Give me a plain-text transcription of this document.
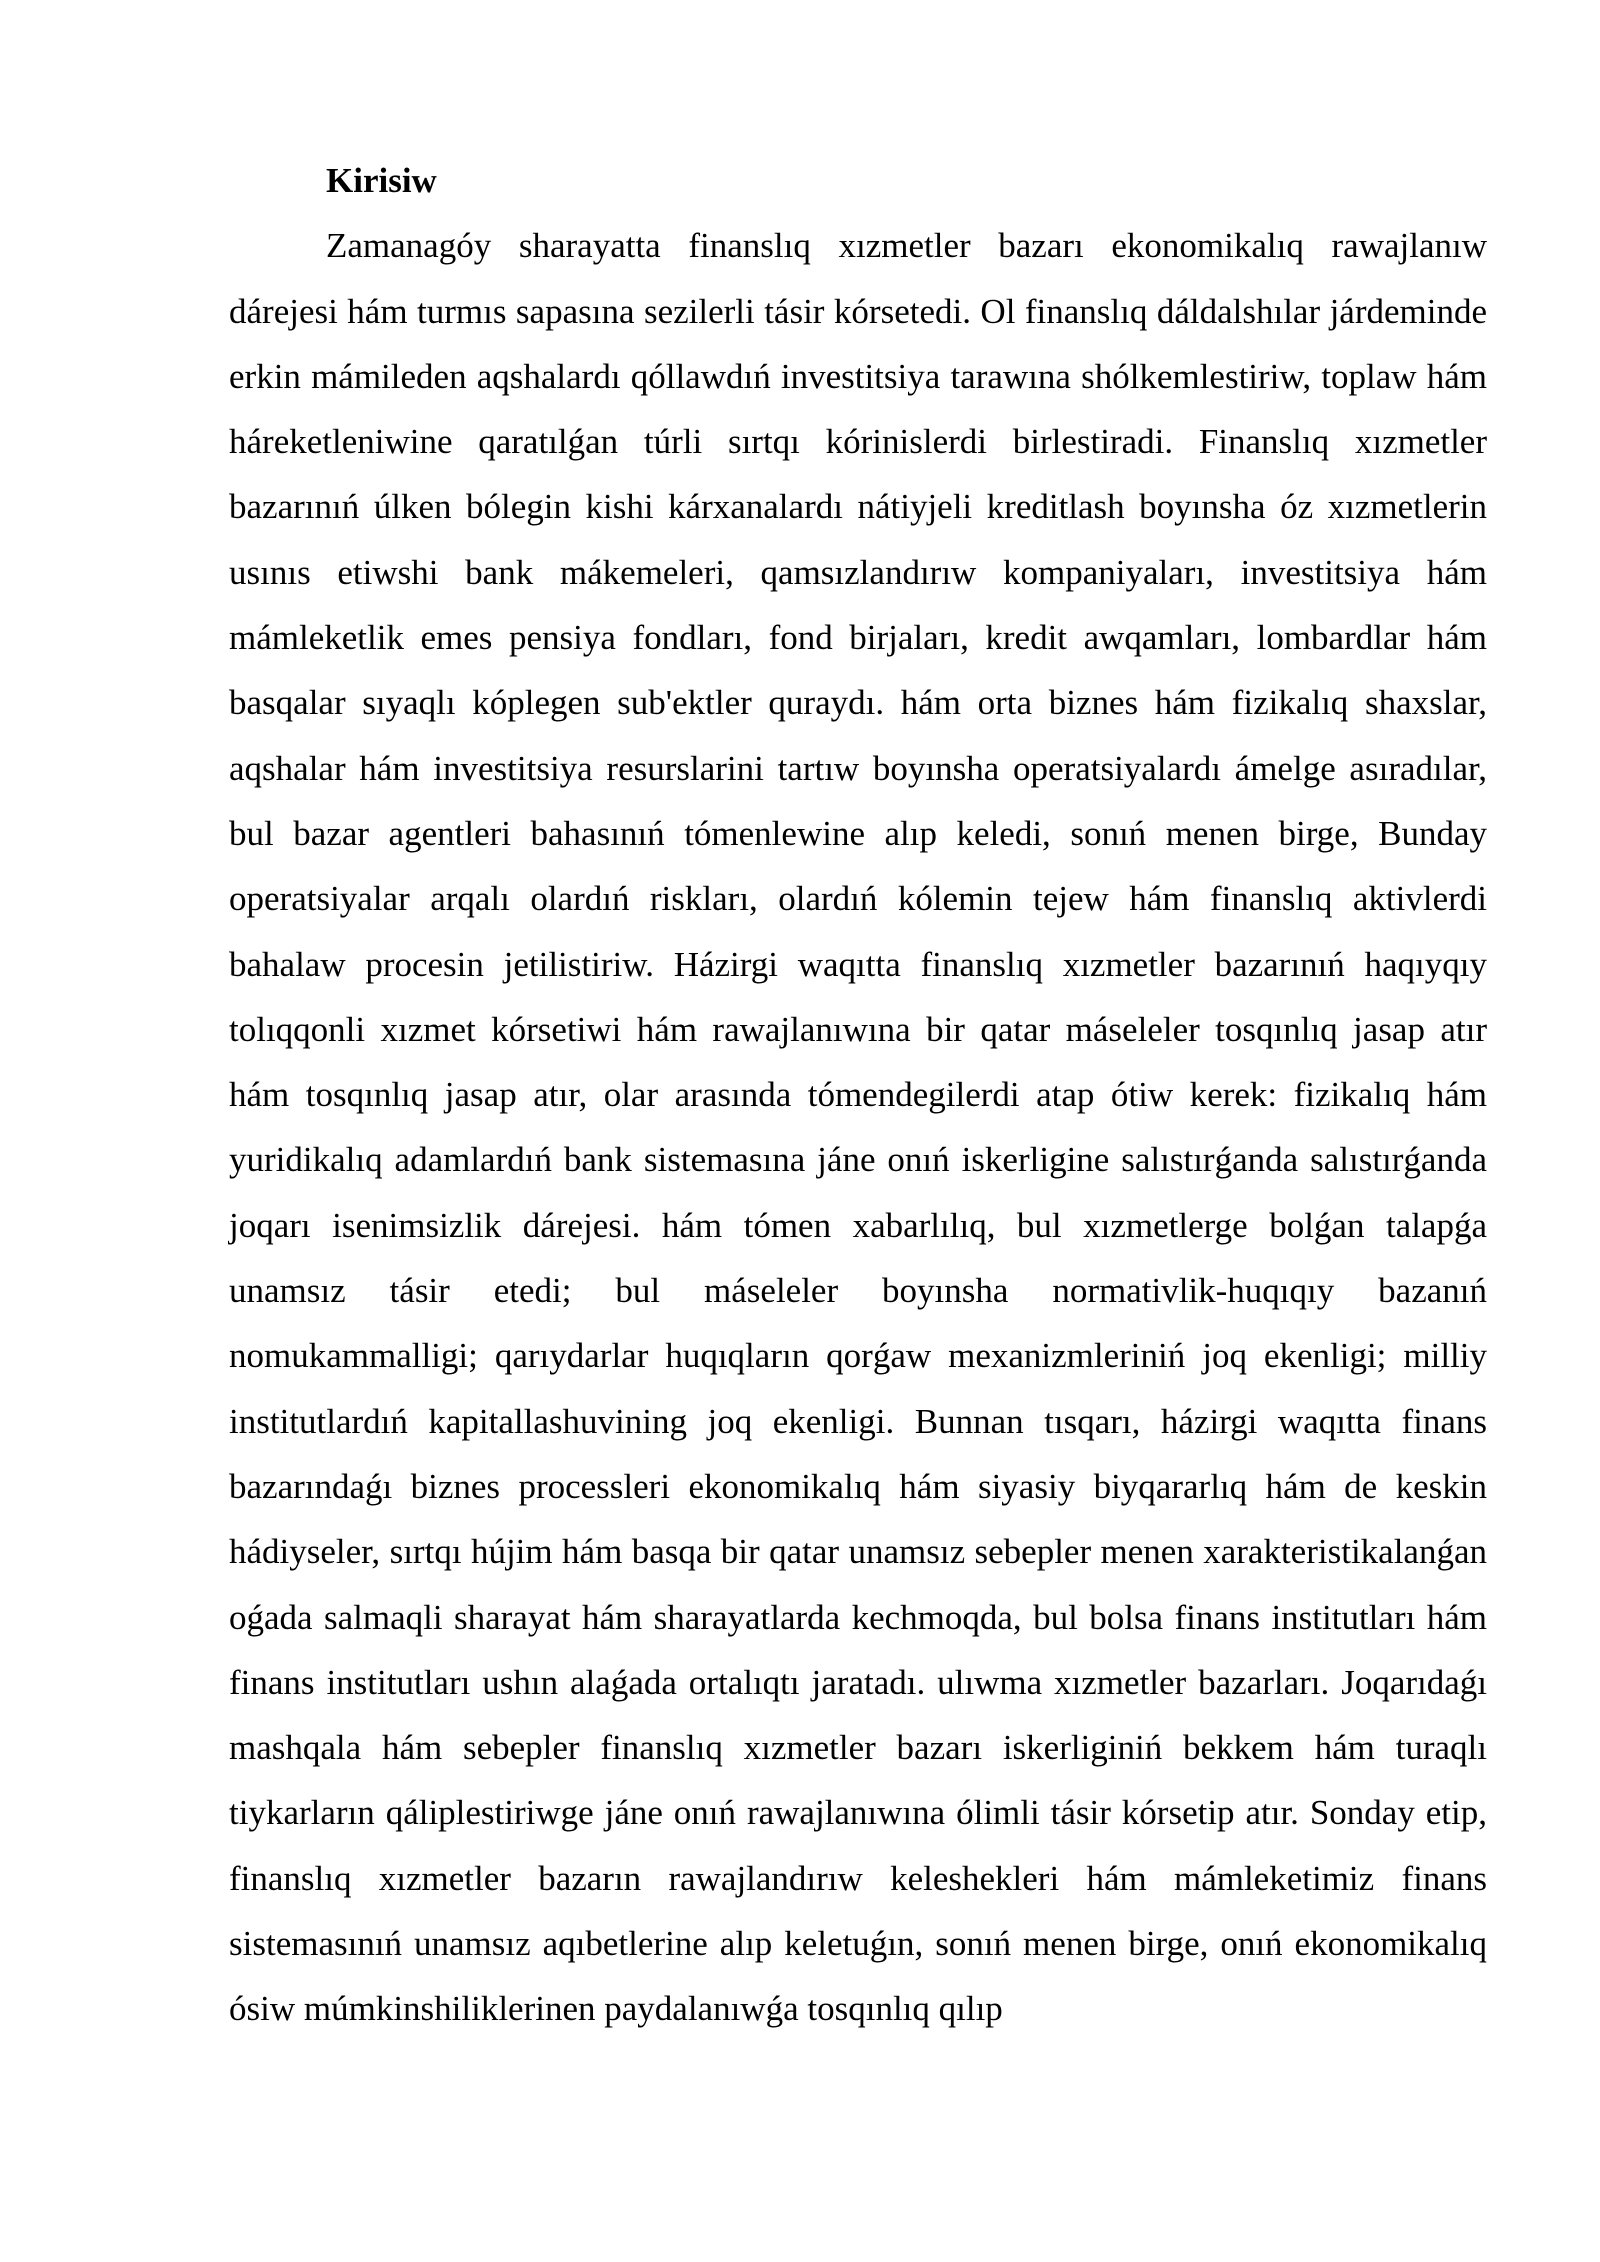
Kirisiw

Zamanagóy sharayatta finanslıq xızmetler bazarı ekonomikalıq rawajlanıw dárejesi hám turmıs sapasına sezilerli tásir kórsetedi. Ol finanslıq dáldalshılar járdeminde erkin mámileden aqshalardı qóllawdıń investitsiya tarawına shólkemlestiriw, toplaw hám háreketleniwine qaratılǵan túrli sırtqı kórinislerdi birlestiradi. Finanslıq xızmetler bazarınıń úlken bólegin kishi kárxanalardı nátiyjeli kreditlash boyınsha óz xızmetlerin usınıs etiwshi bank mákemeleri, qamsızlandırıw kompaniyaları, investitsiya hám mámleketlik emes pensiya fondları, fond birjaları, kredit awqamları, lombardlar hám basqalar sıyaqlı kóplegen sub'ektler quraydı. hám orta biznes hám fizikalıq shaxslar, aqshalar hám investitsiya resurslarini tartıw boyınsha operatsiyalardı ámelge asıradılar, bul bazar agentleri bahasınıń tómenlewine alıp keledi, sonıń menen birge, Bunday operatsiyalar arqalı olardıń riskları, olardıń kólemin tejew hám finanslıq aktivlerdi bahalaw procesin jetilistiriw. Házirgi waqıtta finanslıq xızmetler bazarınıń haqıyqıy tolıqqonli xızmet kórsetiwi hám rawajlanıwına bir qatar máseleler tosqınlıq jasap atır hám tosqınlıq jasap atır, olar arasında tómendegilerdi atap ótiw kerek: fizikalıq hám yuridikalıq adamlardıń bank sistemasına jáne onıń iskerligine salıstırǵanda salıstırǵanda joqarı isenimsizlik dárejesi. hám tómen xabarlılıq, bul xızmetlerge bolǵan talapǵa unamsız tásir etedi; bul máseleler boyınsha normativlik-huqıqıy bazanıń nomukammalligi; qarıydarlar huqıqların qorǵaw mexanizmleriniń joq ekenligi; milliy institutlardıń kapitallashuvining joq ekenligi. Bunnan tısqarı, házirgi waqıtta finans bazarındaǵı biznes processleri ekonomikalıq hám siyasiy biyqararlıq hám de keskin hádiyseler, sırtqı hújim hám basqa bir qatar unamsız sebepler menen xarakteristikalanǵan oǵada salmaqli sharayat hám sharayatlarda kechmoqda, bul bolsa finans institutları hám finans institutları ushın alaǵada ortalıqtı jaratadı. ulıwma xızmetler bazarları. Joqarıdaǵı mashqala hám sebepler finanslıq xızmetler bazarı iskerliginiń bekkem hám turaqlı tiykarların qáliplestiriwge jáne onıń rawajlanıwına ólimli tásir kórsetip atır. Sonday etip, finanslıq xızmetler bazarın rawajlandırıw keleshekleri hám mámleketimiz finans sistemasınıń unamsız aqıbetlerine alıp keletuǵın, sonıń menen birge, onıń ekonomikalıq ósiw múmkinshiliklerinen paydalanıwǵa tosqınlıq qılıp
